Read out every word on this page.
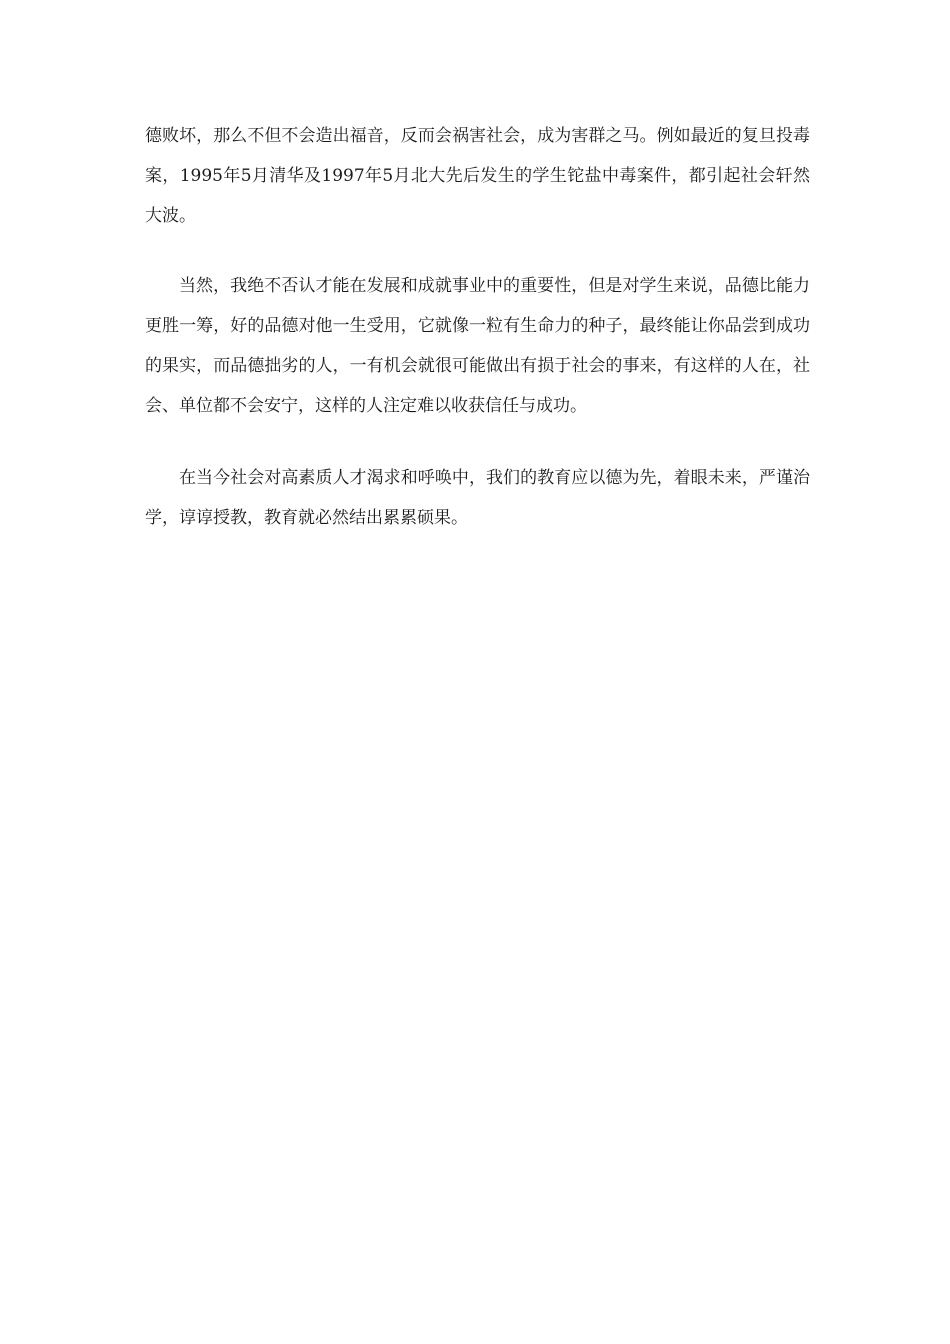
德败坏，那么不但不会造出福音，反而会祸害社会，成为害群之马。例如最近的复旦投毒案，1995年5月清华及1997年5月北大先后发生的学生铊盐中毒案件，都引起社会轩然大波。

当然，我绝不否认才能在发展和成就事业中的重要性，但是对学生来说，品德比能力更胜一筹，好的品德对他一生受用，它就像一粒有生命力的种子，最终能让你品尝到成功的果实，而品德拙劣的人，一有机会就很可能做出有损于社会的事来，有这样的人在，社会、单位都不会安宁，这样的人注定难以收获信任与成功。

在当今社会对高素质人才渴求和呼唤中，我们的教育应以德为先，着眼未来，严谨治学，谆谆授教，教育就必然结出累累硕果。
